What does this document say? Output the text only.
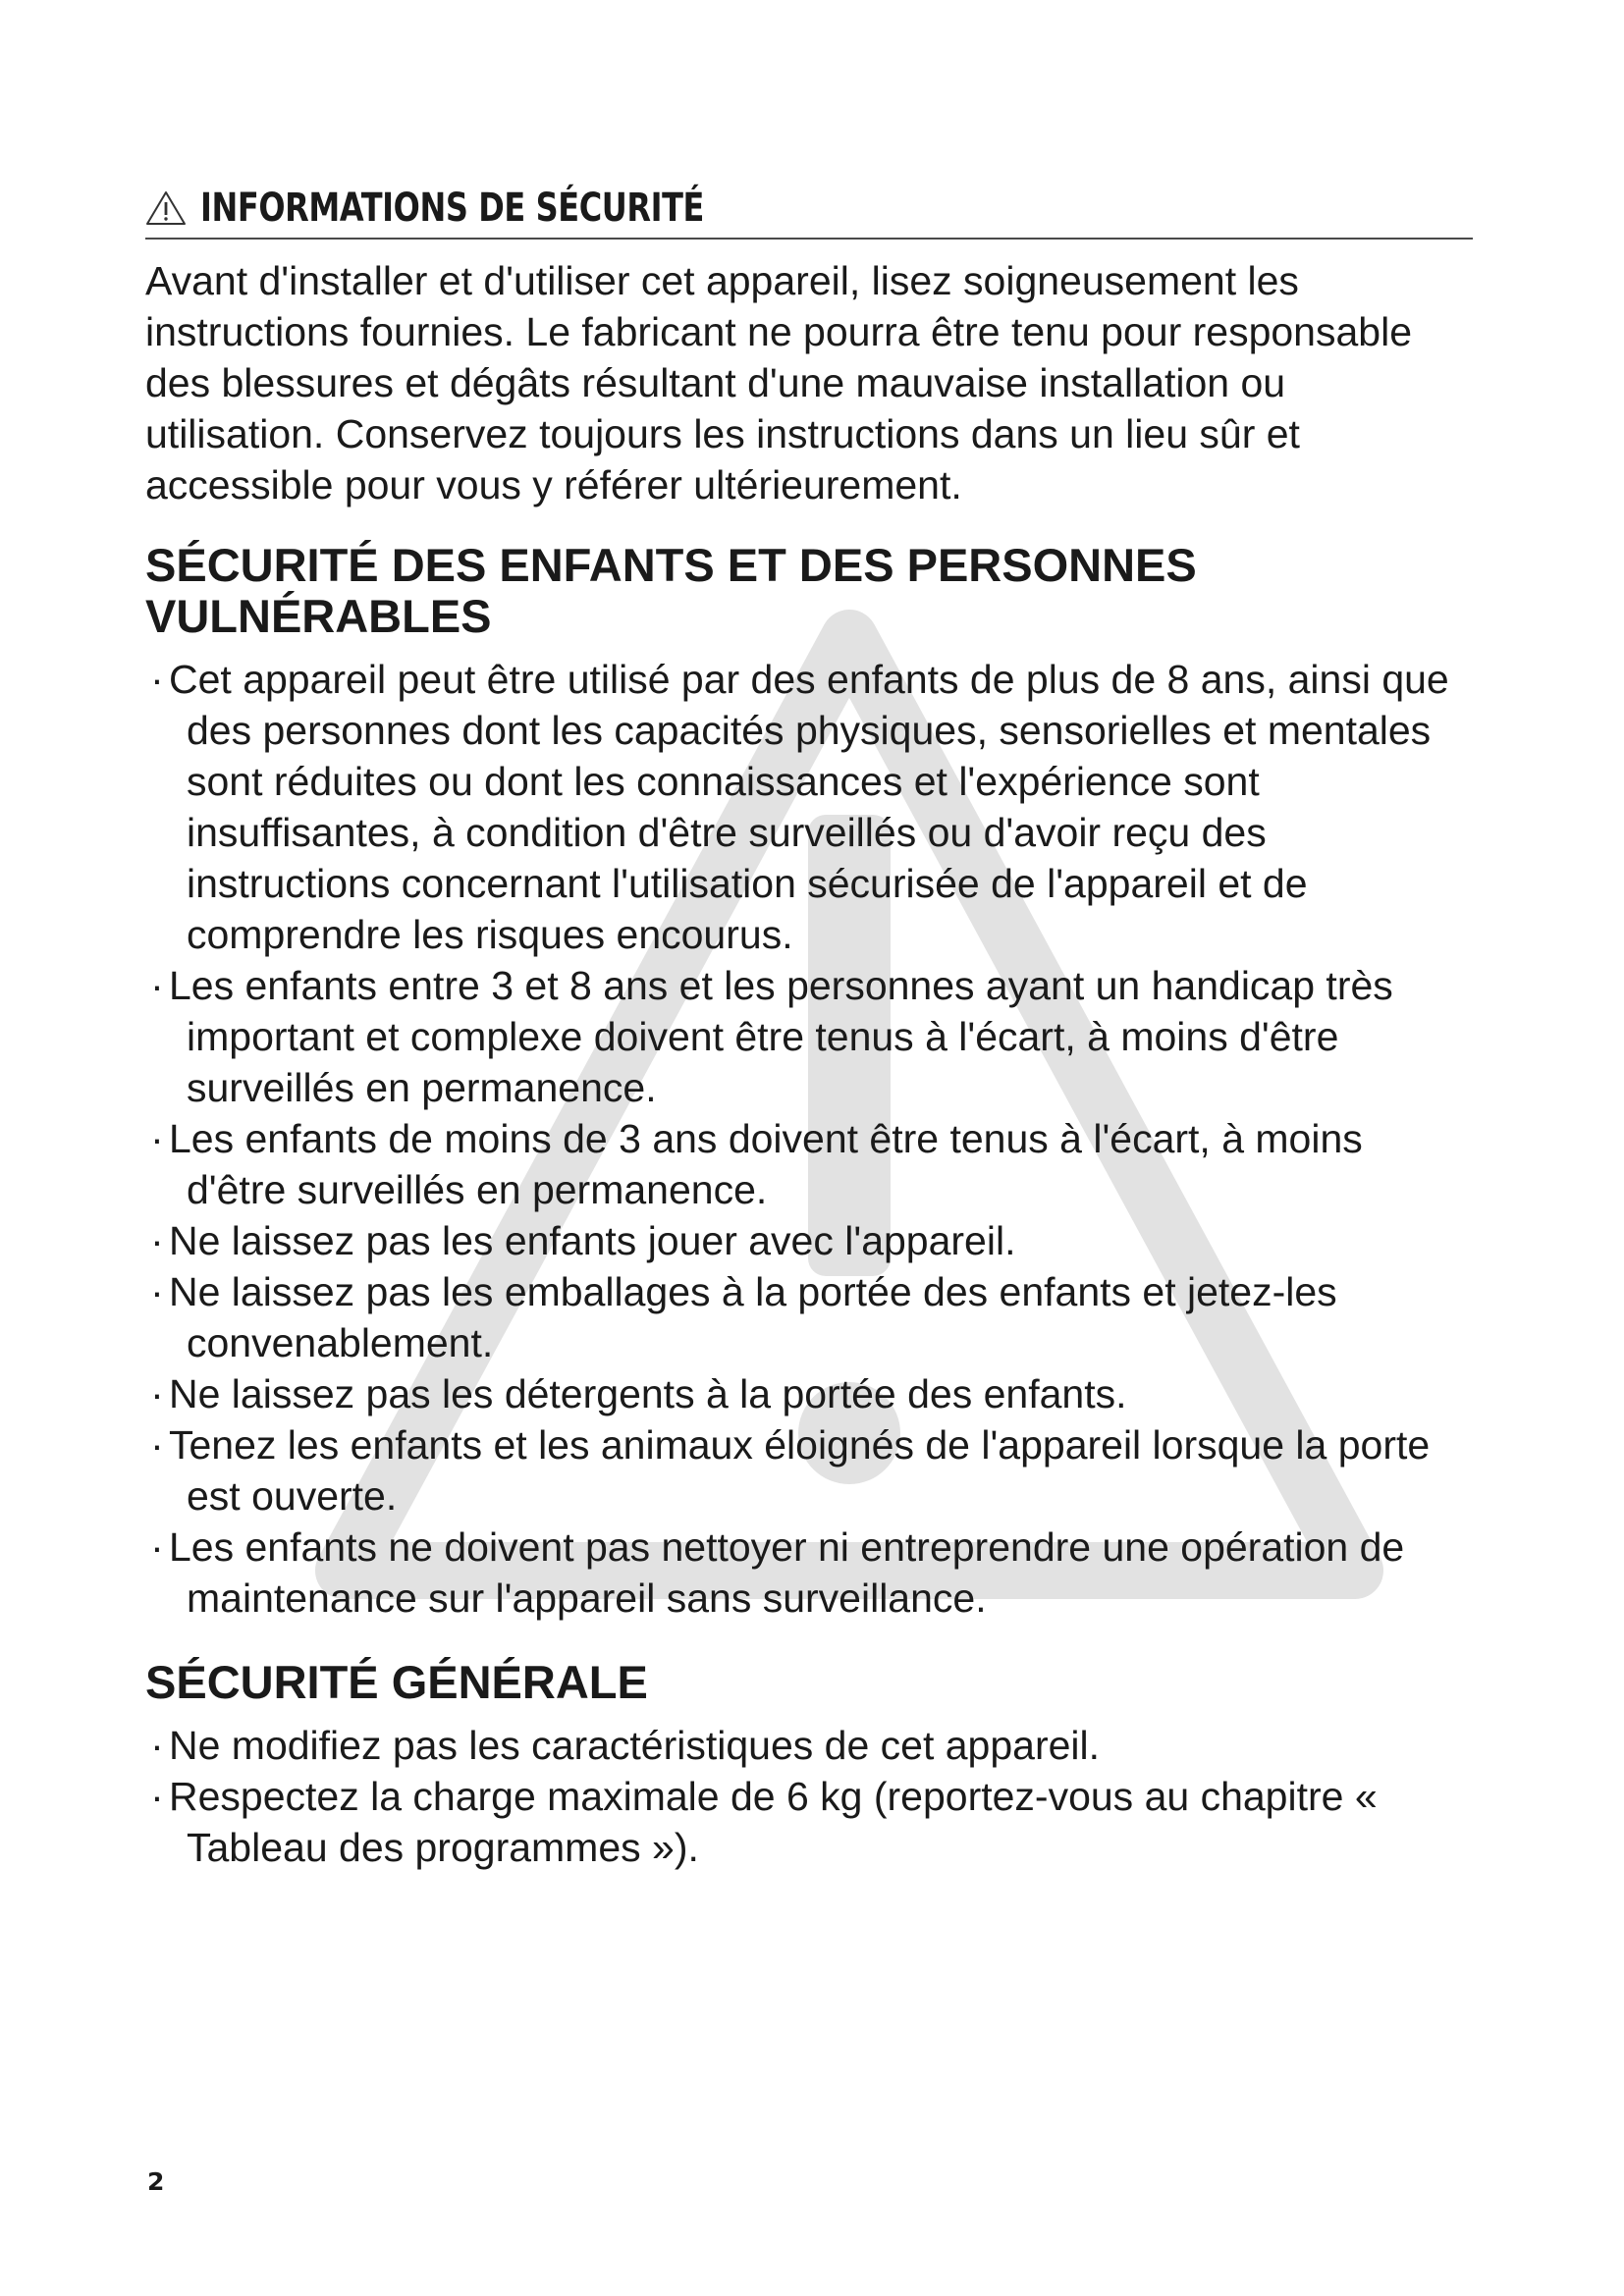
INFORMATIONS DE SÉCURITÉ

Avant d'installer et d'utiliser cet appareil, lisez soigneusement les instructions fournies. Le fabricant ne pourra être tenu pour responsable des blessures et dégâts résultant d'une mauvaise installation ou utilisation. Conservez toujours les instructions dans un lieu sûr et accessible pour vous y référer ultérieurement.

SÉCURITÉ DES ENFANTS ET DES PERSONNES VULNÉRABLES
· Cet appareil peut être utilisé par des enfants de plus de 8 ans, ainsi que des personnes dont les capacités physiques, sensorielles et mentales sont réduites ou dont les connaissances et l'expérience sont insuffisantes, à condition d'être surveillés ou d'avoir reçu des instructions concernant l'utilisation sécurisée de l'appareil et de comprendre les risques encourus.
· Les enfants entre 3 et 8 ans et les personnes ayant un handicap très important et complexe doivent être tenus à l'écart, à moins d'être surveillés en permanence.
· Les enfants de moins de 3 ans doivent être tenus à l'écart, à moins d'être surveillés en permanence.
· Ne laissez pas les enfants jouer avec l'appareil.
· Ne laissez pas les emballages à la portée des enfants et jetez-les convenablement.
· Ne laissez pas les détergents à la portée des enfants.
· Tenez les enfants et les animaux éloignés de l'appareil lorsque la porte est ouverte.
· Les enfants ne doivent pas nettoyer ni entreprendre une opération de maintenance sur l'appareil sans surveillance.
SÉCURITÉ GÉNÉRALE
· Ne modifiez pas les caractéristiques de cet appareil.
· Respectez la charge maximale de 6 kg (reportez-vous au chapitre « Tableau des programmes »).
2
